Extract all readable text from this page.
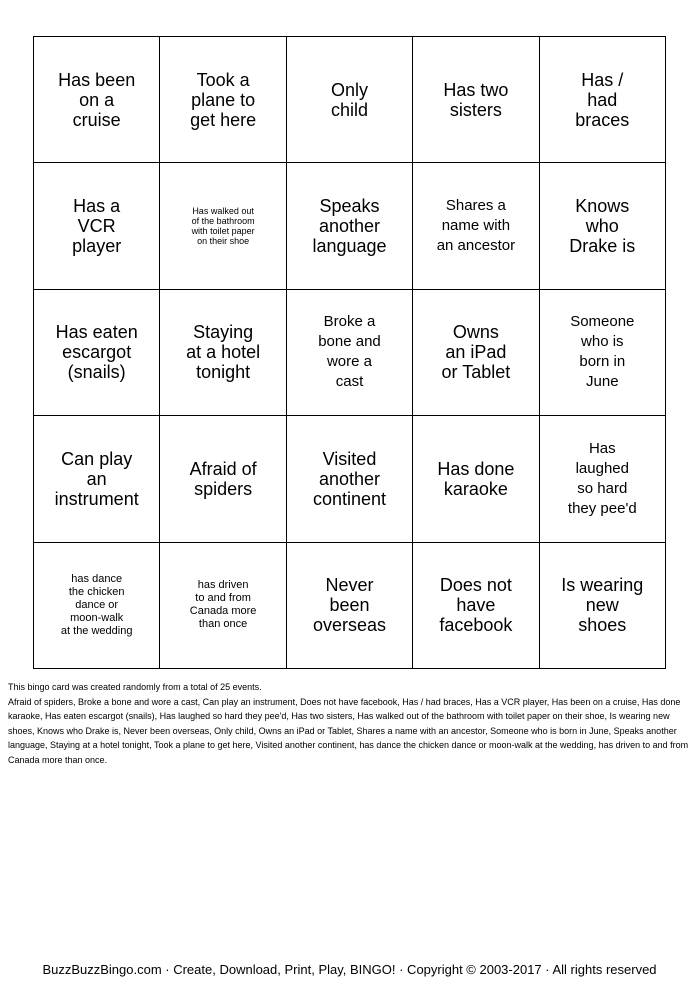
Has been
on a
cruise
Took a
plane to
get here
Only
child
Has two
sisters
Has /
had
braces
Has a
VCR
player
Has walked out
of the bathroom
with toilet paper
on their shoe
Speaks
another
language
Shares a
name with
an ancestor
Knows
who
Drake is
Has eaten
escargot
(snails)
Staying
at a hotel
tonight
Broke a
bone and
wore a
cast
Owns
an iPad
or Tablet
Someone
who is
born in
June
Can play
an
instrument
Afraid of
spiders
Visited
another
continent
Has done
karaoke
Has
laughed
so hard
they pee'd
has dance
the chicken
dance or
moon-walk
at the wedding
has driven
to and from
Canada more
than once
Never
been
overseas
Does not
have
facebook
Is wearing
new
shoes

This bingo card was created randomly from a total of 25 events.

Afraid of spiders, Broke a bone and wore a cast, Can play an instrument, Does not have facebook, Has / had braces, Has a VCR player, Has been on a cruise, Has done karaoke, Has eaten escargot (snails), Has laughed so hard they pee'd, Has two sisters, Has walked out of the bathroom with toilet paper on their shoe, Is wearing new shoes, Knows who Drake is, Never been overseas, Only child, Owns an iPad or Tablet, Shares a name with an ancestor, Someone who is born in June, Speaks another language, Staying at a hotel tonight, Took a plane to get here, Visited another continent, has dance the chicken dance or moon-walk at the wedding, has driven to and from Canada more than once.

BuzzBuzzBingo.com · Create, Download, Print, Play, BINGO! · Copyright © 2003-2017 · All rights reserved
